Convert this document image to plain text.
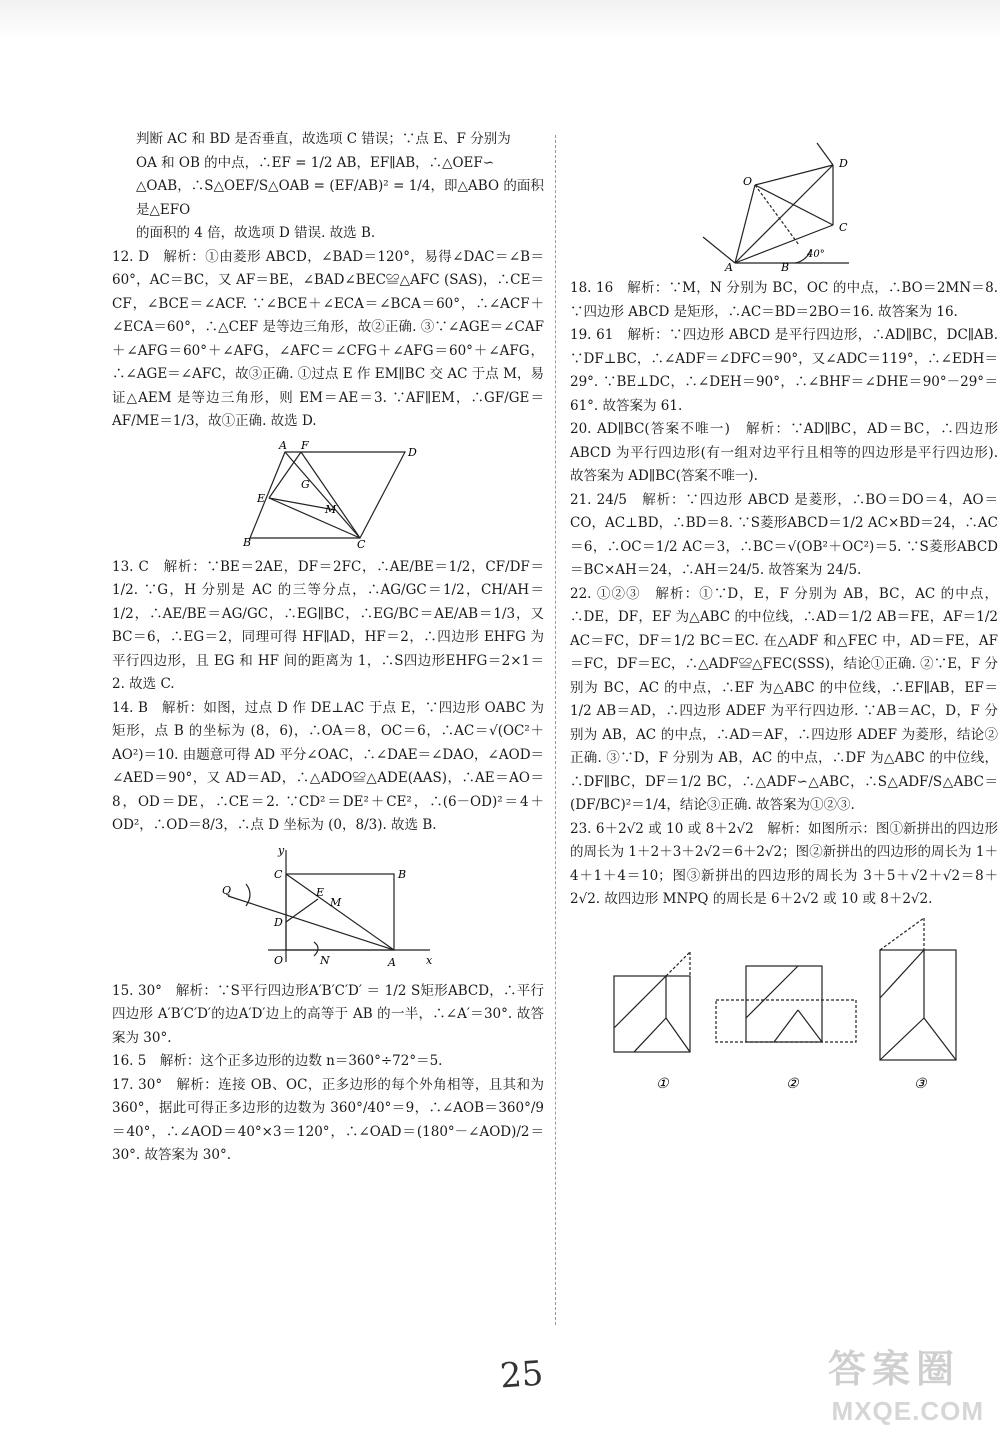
判断 AC 和 BD 是否垂直，故选项 C 错误；∵点 E、F 分别为

OA 和 OB 的中点，∴EF = 1/2 AB，EF∥AB，∴△OEF∽

△OAB，∴S△OEF/S△OAB = (EF/AB)² = 1/4，即△ABO 的面积是△EFO

的面积的 4 倍，故选项 D 错误. 故选 B.

12. D　解析：①由菱形 ABCD，∠BAD＝120°，易得∠DAC＝∠B＝60°，AC＝BC，又 AF＝BE，∠BAD∠BEC≌△AFC (SAS)，∴CE＝CF，∠BCE＝∠ACF. ∵∠BCE＋∠ECA＝∠BCA＝60°，∴∠ACF＋∠ECA＝60°，∴△CEF 是等边三角形，故②正确. ③∵∠AGE＝∠CAF＋∠AFG＝60°＋∠AFG，∠AFC＝∠CFG＋∠AFG＝60°＋∠AFG，∴∠AGE＝∠AFC，故③正确. ①过点 E 作 EM∥BC 交 AC 于点 M，易证△AEM 是等边三角形，则 EM＝AE＝3. ∵AF∥EM，∴GF/GE＝AF/ME＝1/3，故①正确. 故选 D.

A F
D
G
E
M
B	C

13. C　解析：∵BE＝2AE，DF＝2FC，∴AE/BE＝1/2，CF/DF＝1/2. ∵G，H 分别是 AC 的三等分点，∴AG/GC＝1/2，CH/AH＝1/2，∴AE/BE＝AG/GC，∴EG∥BC，∴EG/BC＝AE/AB＝1/3，又 BC＝6，∴EG＝2，同理可得 HF∥AD，HF＝2，∴四边形 EHFG 为平行四边形，且 EG 和 HF 间的距离为 1，∴S四边形EHFG＝2×1＝2. 故选 C.

14. B　解析：如图，过点 D 作 DE⊥AC 于点 E，∵四边形 OABC 为矩形，点 B 的坐标为 (8，6)，∴OA＝8，OC＝6，∴AC＝√(OC²＋AO²)＝10. 由题意可得 AD 平分∠OAC，∴∠DAE＝∠DAO，∠AOD＝∠AED＝90°，又 AD＝AD，∴△ADO≌△ADE(AAS)，∴AE＝AO＝8，OD＝DE，∴CE＝2. ∵CD²＝DE²＋CE²，∴(6－OD)²＝4＋OD²，∴OD＝8/3，∴点 D 坐标为 (0，8/3). 故选 B.

y
C	B
E
M
Q
D
O	N	A	x

15. 30°　解析：∵S平行四边形A′B′C′D′ ＝ 1/2 S矩形ABCD，∴平行四边形 A′B′C′D′的边A′D′边上的高等于 AB 的一半，∴∠A′＝30°. 故答案为 30°.

16. 5　解析：这个正多边形的边数 n＝360°÷72°＝5.

17. 30°　解析：连接 OB、OC，正多边形的每个外角相等，且其和为 360°，据此可得正多边形的边数为 360°/40°＝9，∴∠AOB＝360°/9＝40°，∴∠AOD＝40°×3＝120°，∴∠OAD＝(180°－∠AOD)/2＝30°. 故答案为 30°.

O
D
C
A	B
40°

18. 16　解析：∵M，N 分别为 BC，OC 的中点，∴BO＝2MN＝8. ∵四边形 ABCD 是矩形，∴AC＝BD＝2BO＝16. 故答案为 16.

19. 61　解析：∵四边形 ABCD 是平行四边形，∴AD∥BC，DC∥AB. ∵DF⊥BC，∴∠ADF＝∠DFC＝90°，又∠ADC＝119°，∴∠EDH＝29°. ∵BE⊥DC，∴∠DEH＝90°，∴∠BHF＝∠DHE＝90°－29°＝61°. 故答案为 61.

20. AD∥BC(答案不唯一)　解析：∵AD∥BC，AD＝BC，∴四边形 ABCD 为平行四边形(有一组对边平行且相等的四边形是平行四边形). 故答案为 AD∥BC(答案不唯一).

21. 24/5　解析：∵四边形 ABCD 是菱形，∴BO＝DO＝4，AO＝CO，AC⊥BD，∴BD＝8. ∵S菱形ABCD＝1/2 AC×BD＝24，∴AC＝6，∴OC＝1/2 AC＝3，∴BC＝√(OB²＋OC²)＝5. ∵S菱形ABCD＝BC×AH＝24，∴AH＝24/5. 故答案为 24/5.

22. ①②③　解析：①∵D，E，F 分别为 AB，BC，AC 的中点，∴DE，DF，EF 为△ABC 的中位线，∴AD＝1/2 AB＝FE，AF＝1/2 AC＝FC，DF＝1/2 BC＝EC. 在△ADF 和△FEC 中，AD＝FE，AF＝FC，DF＝EC，∴△ADF≌△FEC(SSS)，结论①正确. ②∵E，F 分别为 BC，AC 的中点，∴EF 为△ABC 的中位线，∴EF∥AB，EF＝1/2 AB＝AD，∴四边形 ADEF 为平行四边形. ∵AB＝AC，D，F 分别为 AB，AC 的中点，∴AD＝AF，∴四边形 ADEF 为菱形，结论②正确. ③∵D，F 分别为 AB，AC 的中点，∴DF 为△ABC 的中位线，∴DF∥BC，DF＝1/2 BC，∴△ADF∽△ABC，∴S△ADF/S△ABC＝(DF/BC)²＝1/4，结论③正确. 故答案为①②③.

23. 6＋2√2 或 10 或 8＋2√2　解析：如图所示：图①新拼出的四边形的周长为 1＋2＋3＋2√2＝6＋2√2；图②新拼出的四边形的周长为 1＋4＋1＋4＝10；图③新拼出的四边形的周长为 3＋5＋√2＋√2＝8＋2√2. 故四边形 MNPQ 的周长是 6＋2√2 或 10 或 8＋2√2.

①	②	③
25	答案圈
MXQE.COM
